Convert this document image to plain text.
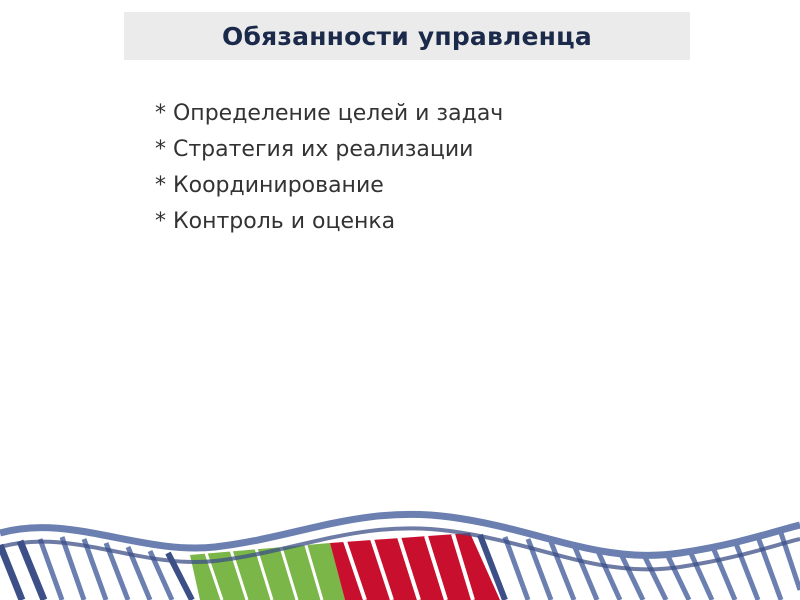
Обязанности управленца
* Определение целей и задач
* Стратегия их реализации
* Координирование
* Контроль и оценка
